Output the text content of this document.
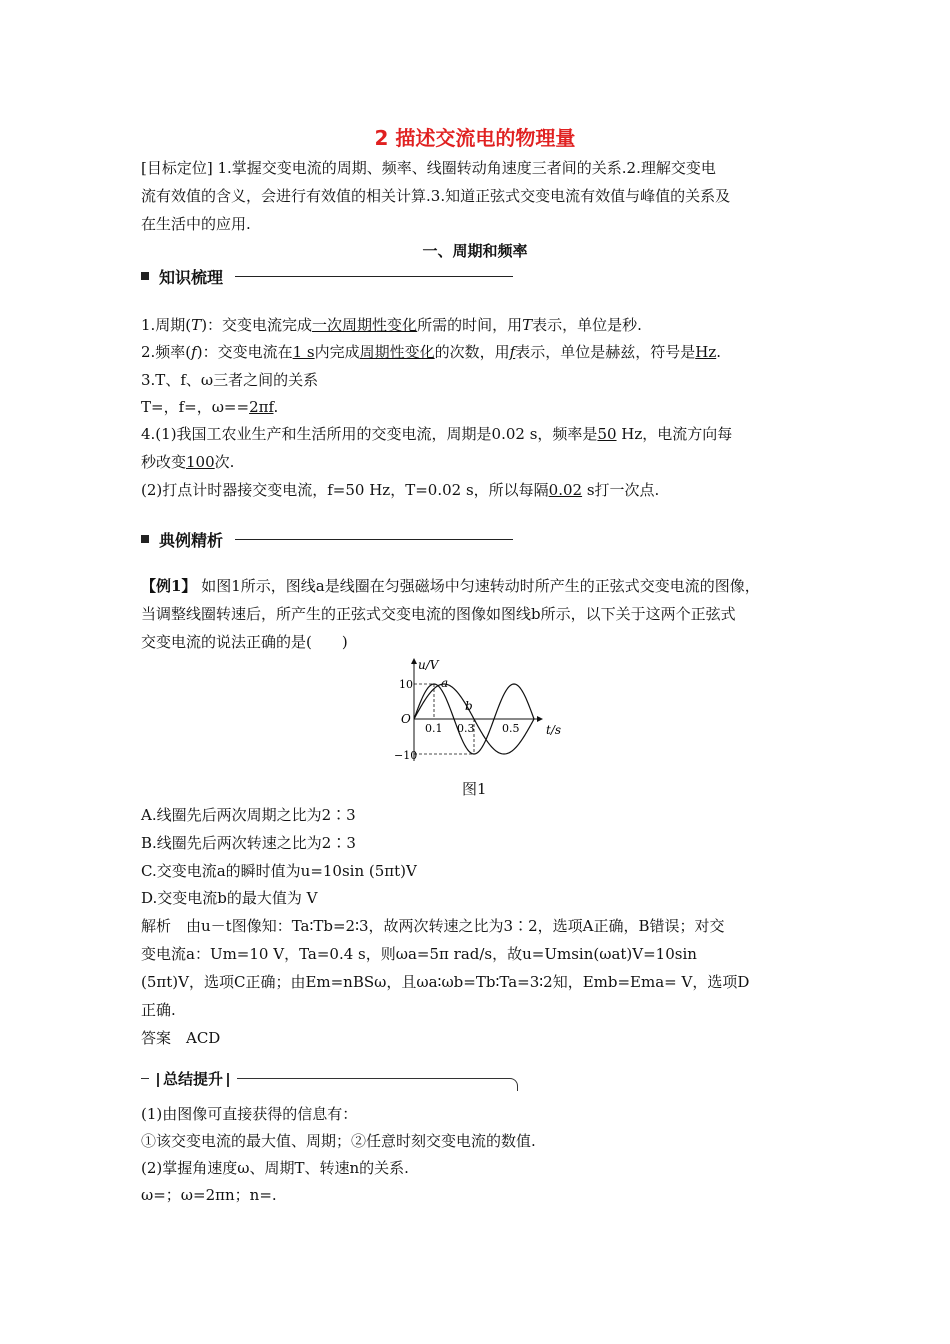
2 描述交流电的物理量
[目标定位] 1.掌握交变电流的周期、频率、线圈转动角速度三者间的关系.2.理解交变电
流有效值的含义，会进行有效值的相关计算.3.知道正弦式交变电流有效值与峰值的关系及
在生活中的应用.
一、周期和频率
知识梳理
1.周期(T)：交变电流完成一次周期性变化所需的时间，用T表示，单位是秒.
2.频率(f)：交变电流在1 s内完成周期性变化的次数，用f表示，单位是赫兹，符号是Hz.
3.T、f、ω三者之间的关系
T=，f=，ω==2πf.
4.(1)我国工农业生产和生活所用的交变电流，周期是0.02 s，频率是50 Hz，电流方向每
秒改变100次.
(2)打点计时器接交变电流，f=50 Hz，T=0.02 s，所以每隔0.02 s打一次点.
典例精析
【例1】 如图1所示，图线a是线圈在匀强磁场中匀速转动时所产生的正弦式交变电流的图像，
当调整线圈转速后，所产生的正弦式交变电流的图像如图线b所示，以下关于这两个正弦式
交变电流的说法正确的是(　　)
u/V
t/s
O
10
−10
0.1 0.3	0.5
a
b
图1
A.线圈先后两次周期之比为2∶3
B.线圈先后两次转速之比为2∶3
C.交变电流a的瞬时值为u=10sin (5πt)V
D.交变电流b的最大值为 V
解析　由u－t图像知：Ta∶Tb=2∶3，故两次转速之比为3∶2，选项A正确，B错误；对交
变电流a：Um=10 V，Ta=0.4 s，则ωa=5π rad/s，故u=Umsin(ωat)V=10sin
(5πt)V，选项C正确；由Em=nBSω，且ωa∶ωb=Tb∶Ta=3∶2知，Emb=Ema= V，选项D
正确.
答案　ACD
总结提升
(1)由图像可直接获得的信息有：
①该交变电流的最大值、周期；②任意时刻交变电流的数值.
(2)掌握角速度ω、周期T、转速n的关系.
ω=；ω=2πn；n=.
